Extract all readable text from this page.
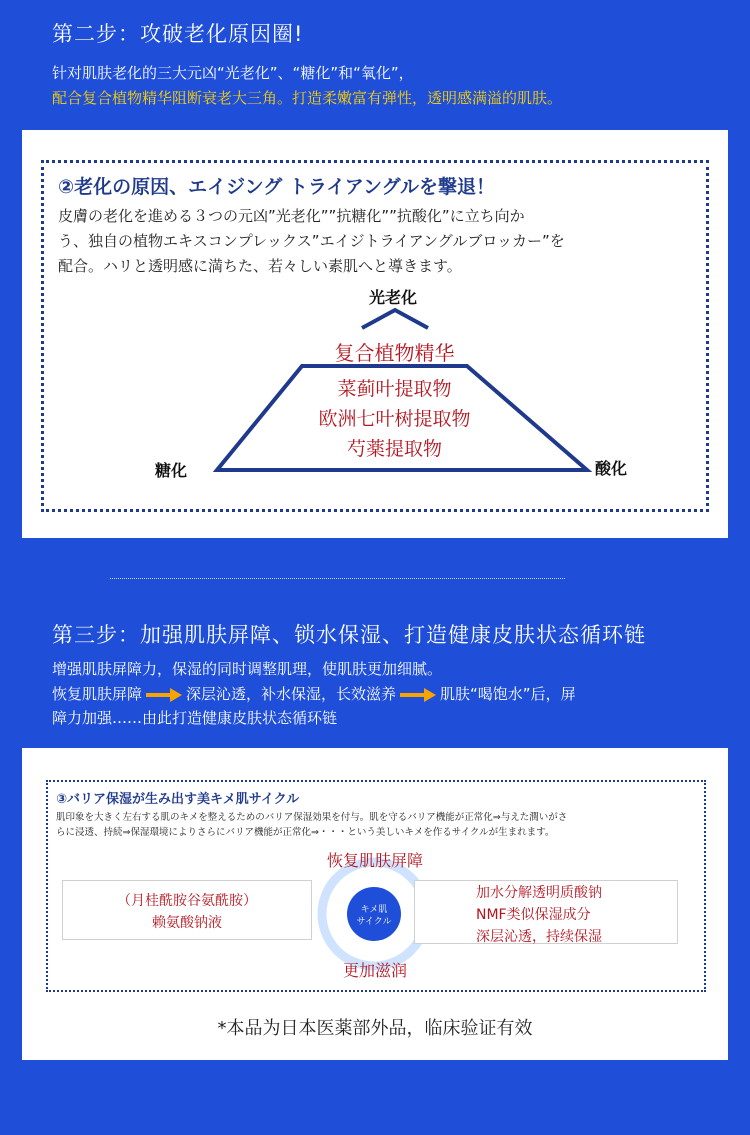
第二步：攻破老化原因圈!
针对肌肤老化的三大元凶“光老化”、“糖化”和“氧化”，
配合复合植物精华阻断衰老大三角。打造柔嫩富有弹性，透明感满溢的肌肤。
②老化の原因、エイジング トライアングルを撃退！
皮膚の老化を進める３つの元凶”光老化””抗糖化””抗酸化”に立ち向か
う、独自の植物エキスコンプレックス”エイジトライアングルブロッカー”を
配合。ハリと透明感に満ちた、若々しい素肌へと導きます。
光老化
糖化	酸化
复合植物精华
菜蓟叶提取物
欧洲七叶树提取物
芍薬提取物
第三步：加强肌肤屏障、锁水保湿、打造健康皮肤状态循环链
增强肌肤屏障力，保湿的同时调整肌理，使肌肤更加细腻。
恢复肌肤屏障	深层沁透，补水保湿，长效滋养	肌肤“喝饱水”后，屏
障力加强……由此打造健康皮肤状态循环链
③バリア保湿が生み出す美キメ肌サイクル
肌印象を大きく左右する肌のキメを整えるためのバリア保湿効果を付与。肌を守るバリア機能が正常化⇒与えた潤いがさ
らに浸透、持続⇒保湿環境によりさらにバリア機能が正常化⇒・・・という美しいキメを作るサイクルが生まれます。
恢复肌肤屏障
更加滋润
（月桂酰胺谷氨酰胺）
赖氨酸钠液
加水分解透明质酸钠
NMF类似保湿成分
深层沁透，持续保湿
キメ肌
サイクル
*本品为日本医薬部外品，临床验证有效
